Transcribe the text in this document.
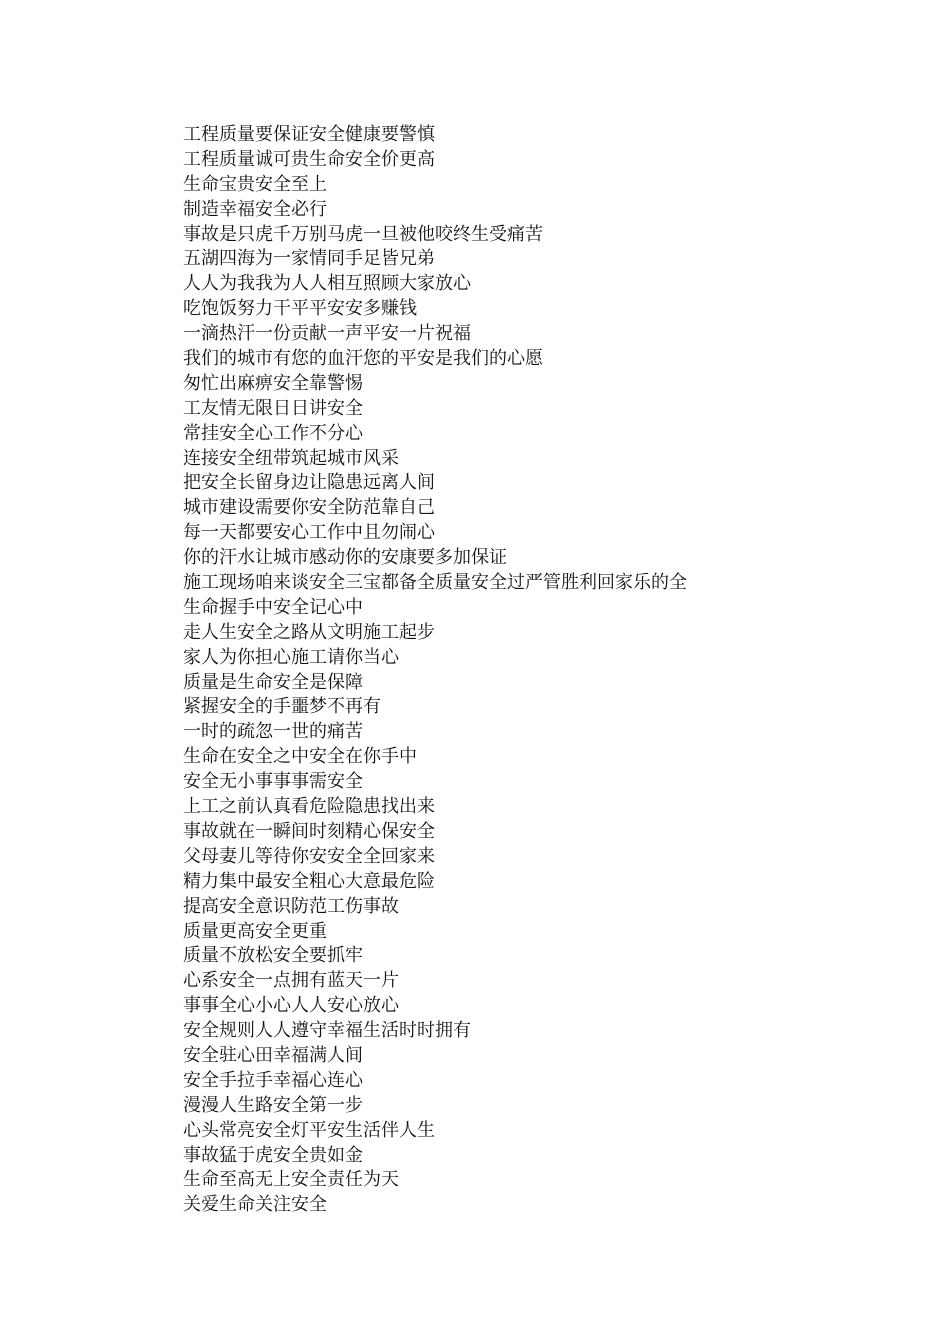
工程质量要保证安全健康要警慎
工程质量诚可贵生命安全价更高
生命宝贵安全至上
制造幸福安全必行
事故是只虎千万别马虎一旦被他咬终生受痛苦
五湖四海为一家情同手足皆兄弟
人人为我我为人人相互照顾大家放心
吃饱饭努力干平平安安多赚钱
一滴热汗一份贡献一声平安一片祝福
我们的城市有您的血汗您的平安是我们的心愿
匆忙出麻痹安全靠警惕
工友情无限日日讲安全
常挂安全心工作不分心
连接安全纽带筑起城市风采
把安全长留身边让隐患远离人间
城市建设需要你安全防范靠自己
每一天都要安心工作中且勿闹心
你的汗水让城市感动你的安康要多加保证
施工现场咱来谈安全三宝都备全质量安全过严管胜利回家乐的全
生命握手中安全记心中
走人生安全之路从文明施工起步
家人为你担心施工请你当心
质量是生命安全是保障
紧握安全的手噩梦不再有
一时的疏忽一世的痛苦
生命在安全之中安全在你手中
安全无小事事事需安全
上工之前认真看危险隐患找出来
事故就在一瞬间时刻精心保安全
父母妻儿等待你安安全全回家来
精力集中最安全粗心大意最危险
提高安全意识防范工伤事故
质量更高安全更重
质量不放松安全要抓牢
心系安全一点拥有蓝天一片
事事全心小心人人安心放心
安全规则人人遵守幸福生活时时拥有
安全驻心田幸福满人间
安全手拉手幸福心连心
漫漫人生路安全第一步
心头常亮安全灯平安生活伴人生
事故猛于虎安全贵如金
生命至高无上安全责任为天
关爱生命关注安全
